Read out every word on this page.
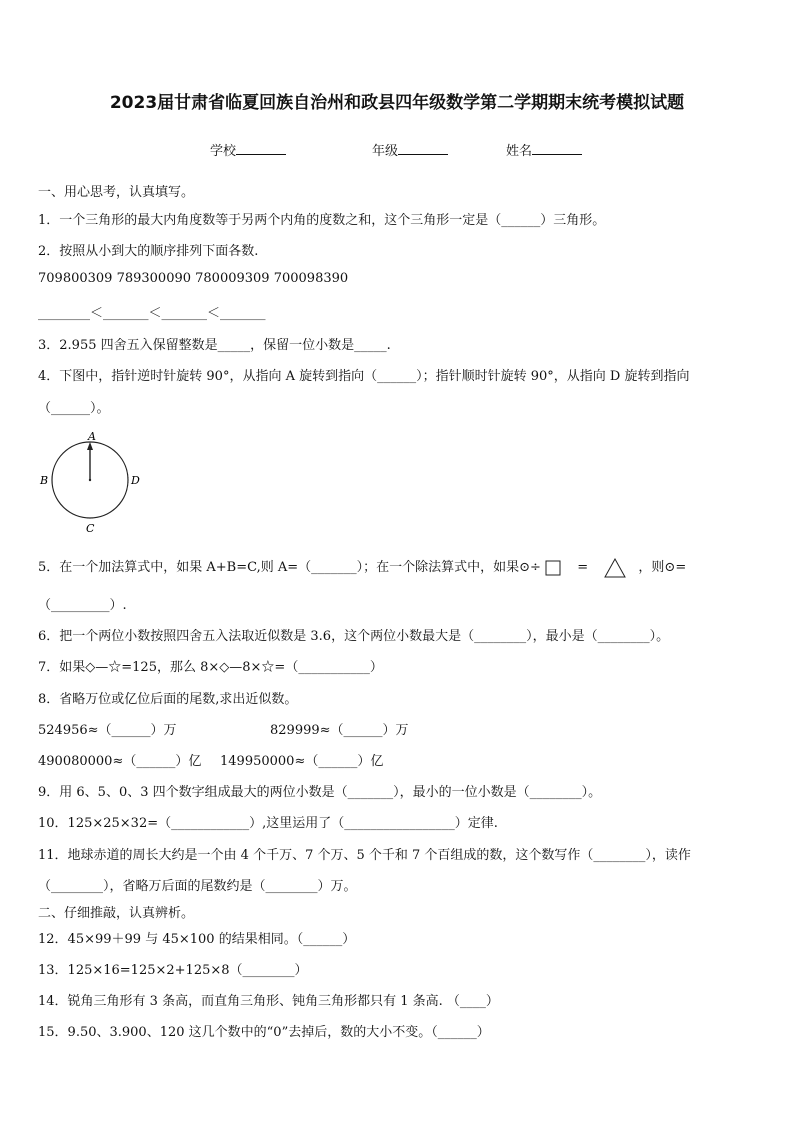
2023届甘肃省临夏回族自治州和政县四年级数学第二学期期末统考模拟试题
学校	年级	姓名
一、用心思考，认真填写。
1．一个三角形的最大内角度数等于另两个内角的度数之和，这个三角形一定是（______）三角形。
2．按照从小到大的顺序排列下面各数.
709800309 789300090 780009309 700098390
________＜_______＜_______＜_______
3．2.955 四舍五入保留整数是_____，保留一位小数是_____.
4．下图中，指针逆时针旋转 90°，从指向 A 旋转到指向（______）；指针顺时针旋转 90°，从指向 D 旋转到指向
（______）。
A
B	D
C
5．在一个加法算式中，如果 A+B=C,则 A=（_______）；在一个除法算式中，如果⊙÷	=	，则⊙=
（_________）.
6．把一个两位小数按照四舍五入法取近似数是 3.6，这个两位小数最大是（________），最小是（________）。
7．如果◇—☆=125，那么 8×◇—8×☆=（___________）
8．省略万位或亿位后面的尾数,求出近似数。
524956≈（______）万	829999≈（______）万
490080000≈（______）亿 149950000≈（______）亿
9．用 6、5、0、3 四个数字组成最大的两位小数是（_______），最小的一位小数是（________）。
10．125×25×32=（____________）,这里运用了（_________________）定律.
11．地球赤道的周长大约是一个由 4 个千万、7 个万、5 个千和 7 个百组成的数，这个数写作（________），读作
（________），省略万后面的尾数约是（________）万。
二、仔细推敲，认真辨析。
12．45×99＋99 与 45×100 的结果相同。（______）
13．125×16=125×2+125×8（________）
14．锐角三角形有 3 条高，而直角三角形、钝角三角形都只有 1 条高. （____）
15．9.50、3.900、120 这几个数中的“0”去掉后，数的大小不变。（______）
